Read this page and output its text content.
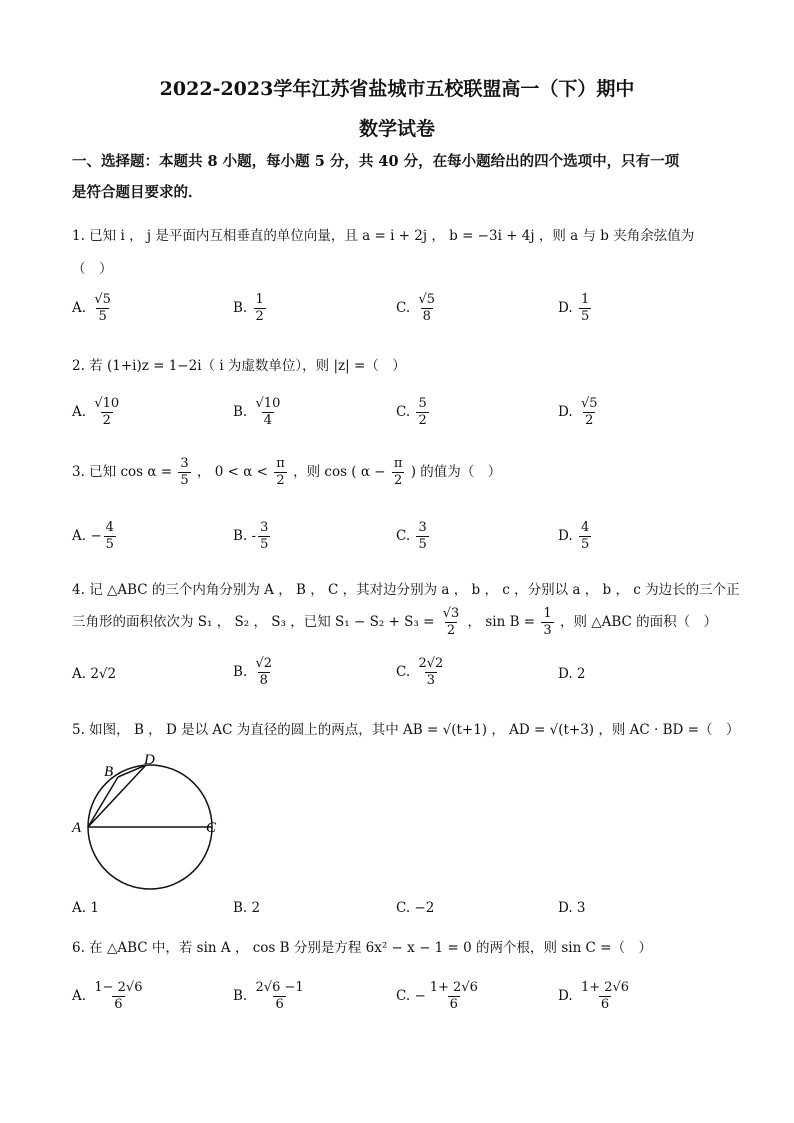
2022-2023学年江苏省盐城市五校联盟高一（下）期中
数学试卷
一、选择题：本题共 8 小题，每小题 5 分，共 40 分，在每小题给出的四个选项中，只有一项
是符合题目要求的．
1. 已知 i ， j 是平面内互相垂直的单位向量，且 a = i + 2j ， b = −3i + 4j ，则 a 与 b 夹角余弦值为
（　）
A. $\frac{√5}{5}$	B. $\frac{1}{2}$	C. $\frac{√5}{8}$	D. $\frac{1}{5}$
2. 若 (1+i)z = 1−2i（ i 为虚数单位），则 |z| =（　）
A. $\frac{√10}{2}$	B. $\frac{√10}{4}$	C. $\frac{5}{2}$	D. $\frac{√5}{2}$
3. 已知 $\cos \alpha = \frac{3}{5}$ ， $0 < \alpha < \frac{\pi}{2}$ ，则 cos ( $\alpha - \frac{\pi}{2}$ ) 的值为（　）
A. − $\frac{4}{5}$	B. - $\frac{3}{5}$	C. $\frac{3}{5}$	D. $\frac{4}{5}$
4. 记 △ABC 的三个内角分别为 A ， B ， C ，其对边分别为 a ， b ， c ，分别以 a ， b ， c 为边长的三个正
三角形的面积依次为 S₁ ， S₂ ， S₃ ，已知 $S_1 - S_2 + S_3 = \frac{√3}{2}$ ， $\sin B = \frac{1}{3}$ ，则 △ABC 的面积（　）
A. 2√2	B. $\frac{√2}{8}$	C. $\frac{2√2}{3}$	D. 2
5. 如图， B ， D 是以 AC 为直径的圆上的两点，其中 AB = √(t+1) ， AD = √(t+3) ，则 AC · BD =（　）
A
B
D
C
A. 1	B. 2	C. −2	D. 3
6. 在 △ABC 中，若 sin A ， cos B 分别是方程 6x² − x − 1 = 0 的两个根，则 sin C =（　）
A. $\frac{1- 2√6}{6}$	B. $\frac{2√6 -1}{6}$	C. − $\frac{1+ 2√6}{6}$	D. $\frac{1+ 2√6}{6}$
